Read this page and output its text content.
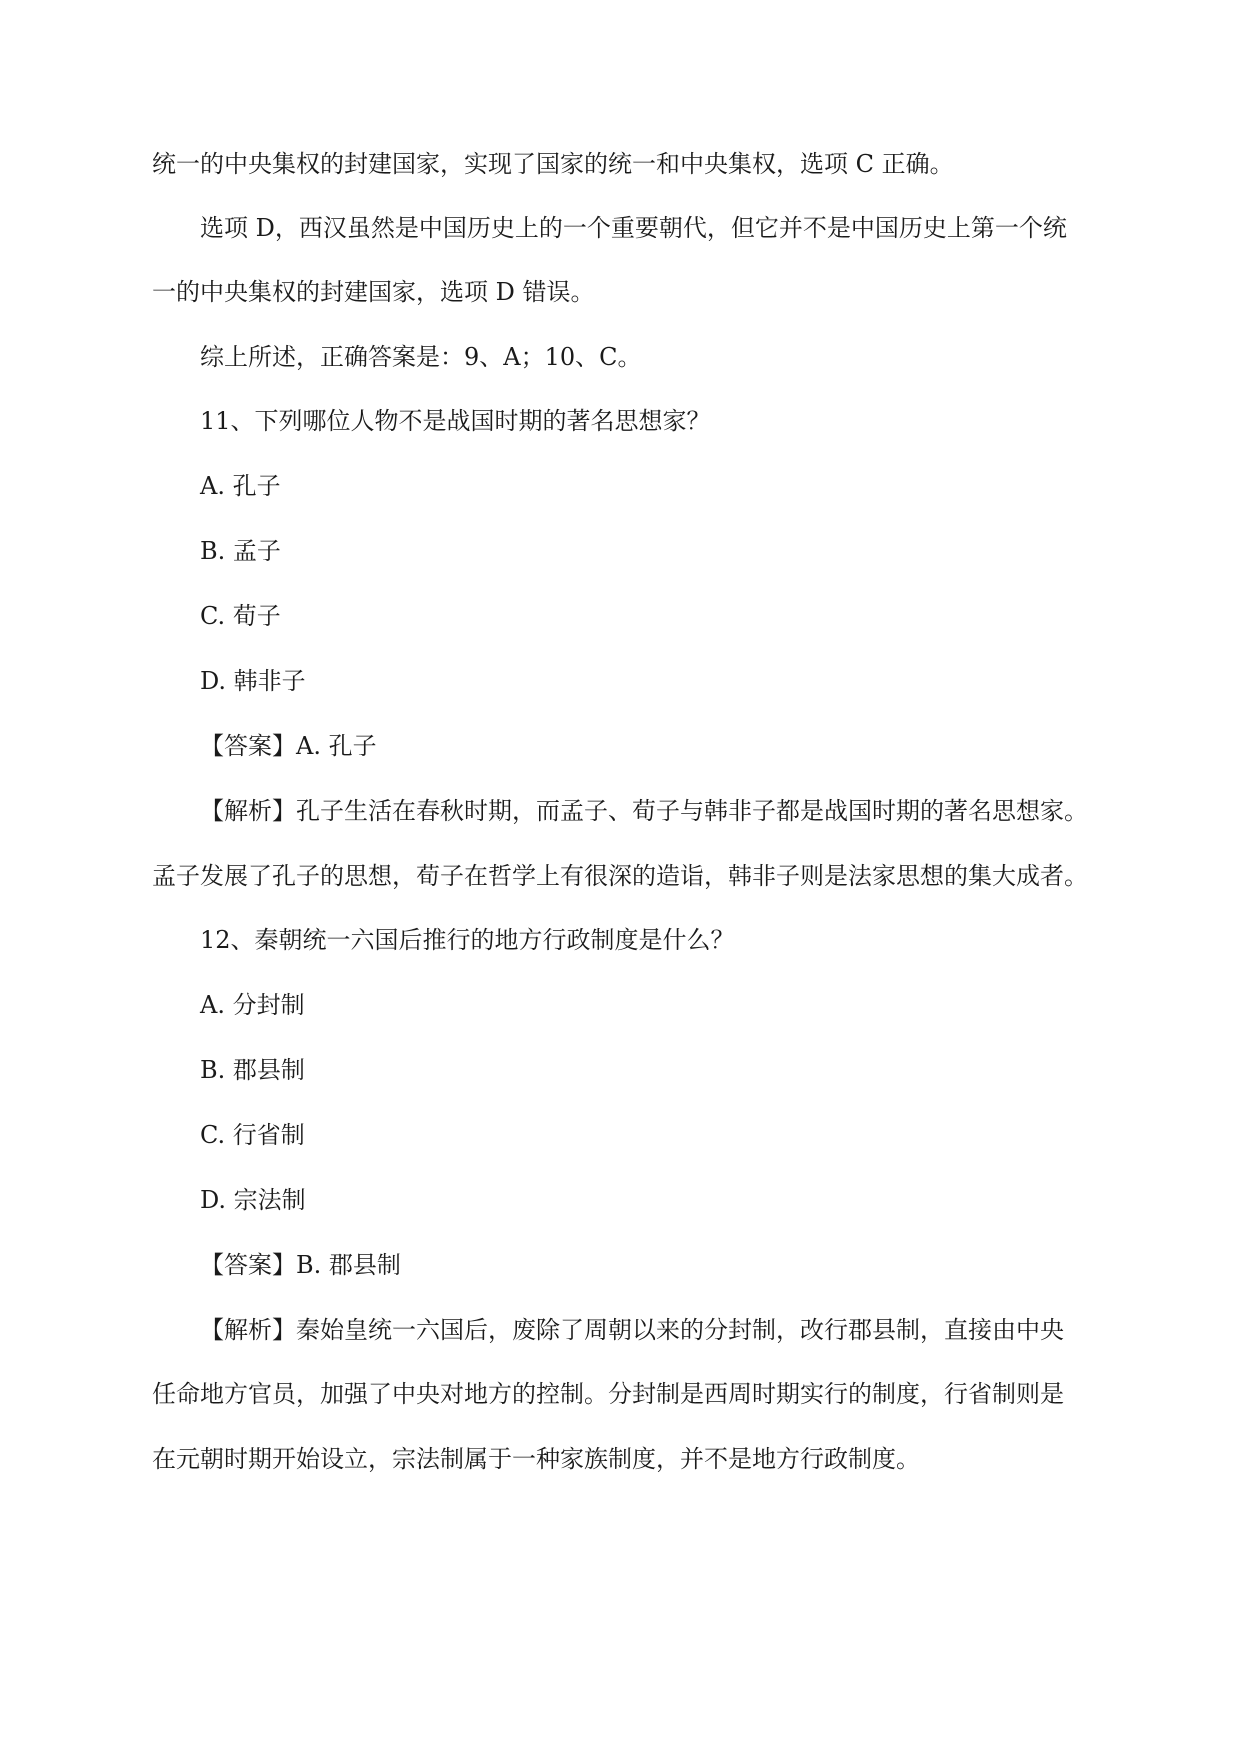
统一的中央集权的封建国家，实现了国家的统一和中央集权，选项 C 正确。
选项 D，西汉虽然是中国历史上的一个重要朝代，但它并不是中国历史上第一个统
一的中央集权的封建国家，选项 D 错误。
综上所述，正确答案是：9、A；10、C。
11、下列哪位人物不是战国时期的著名思想家？
A. 孔子
B. 孟子
C. 荀子
D. 韩非子
【答案】A. 孔子
【解析】孔子生活在春秋时期，而孟子、荀子与韩非子都是战国时期的著名思想家。
孟子发展了孔子的思想，荀子在哲学上有很深的造诣，韩非子则是法家思想的集大成者。
12、秦朝统一六国后推行的地方行政制度是什么？
A. 分封制
B. 郡县制
C. 行省制
D. 宗法制
【答案】B. 郡县制
【解析】秦始皇统一六国后，废除了周朝以来的分封制，改行郡县制，直接由中央
任命地方官员，加强了中央对地方的控制。分封制是西周时期实行的制度，行省制则是
在元朝时期开始设立，宗法制属于一种家族制度，并不是地方行政制度。
